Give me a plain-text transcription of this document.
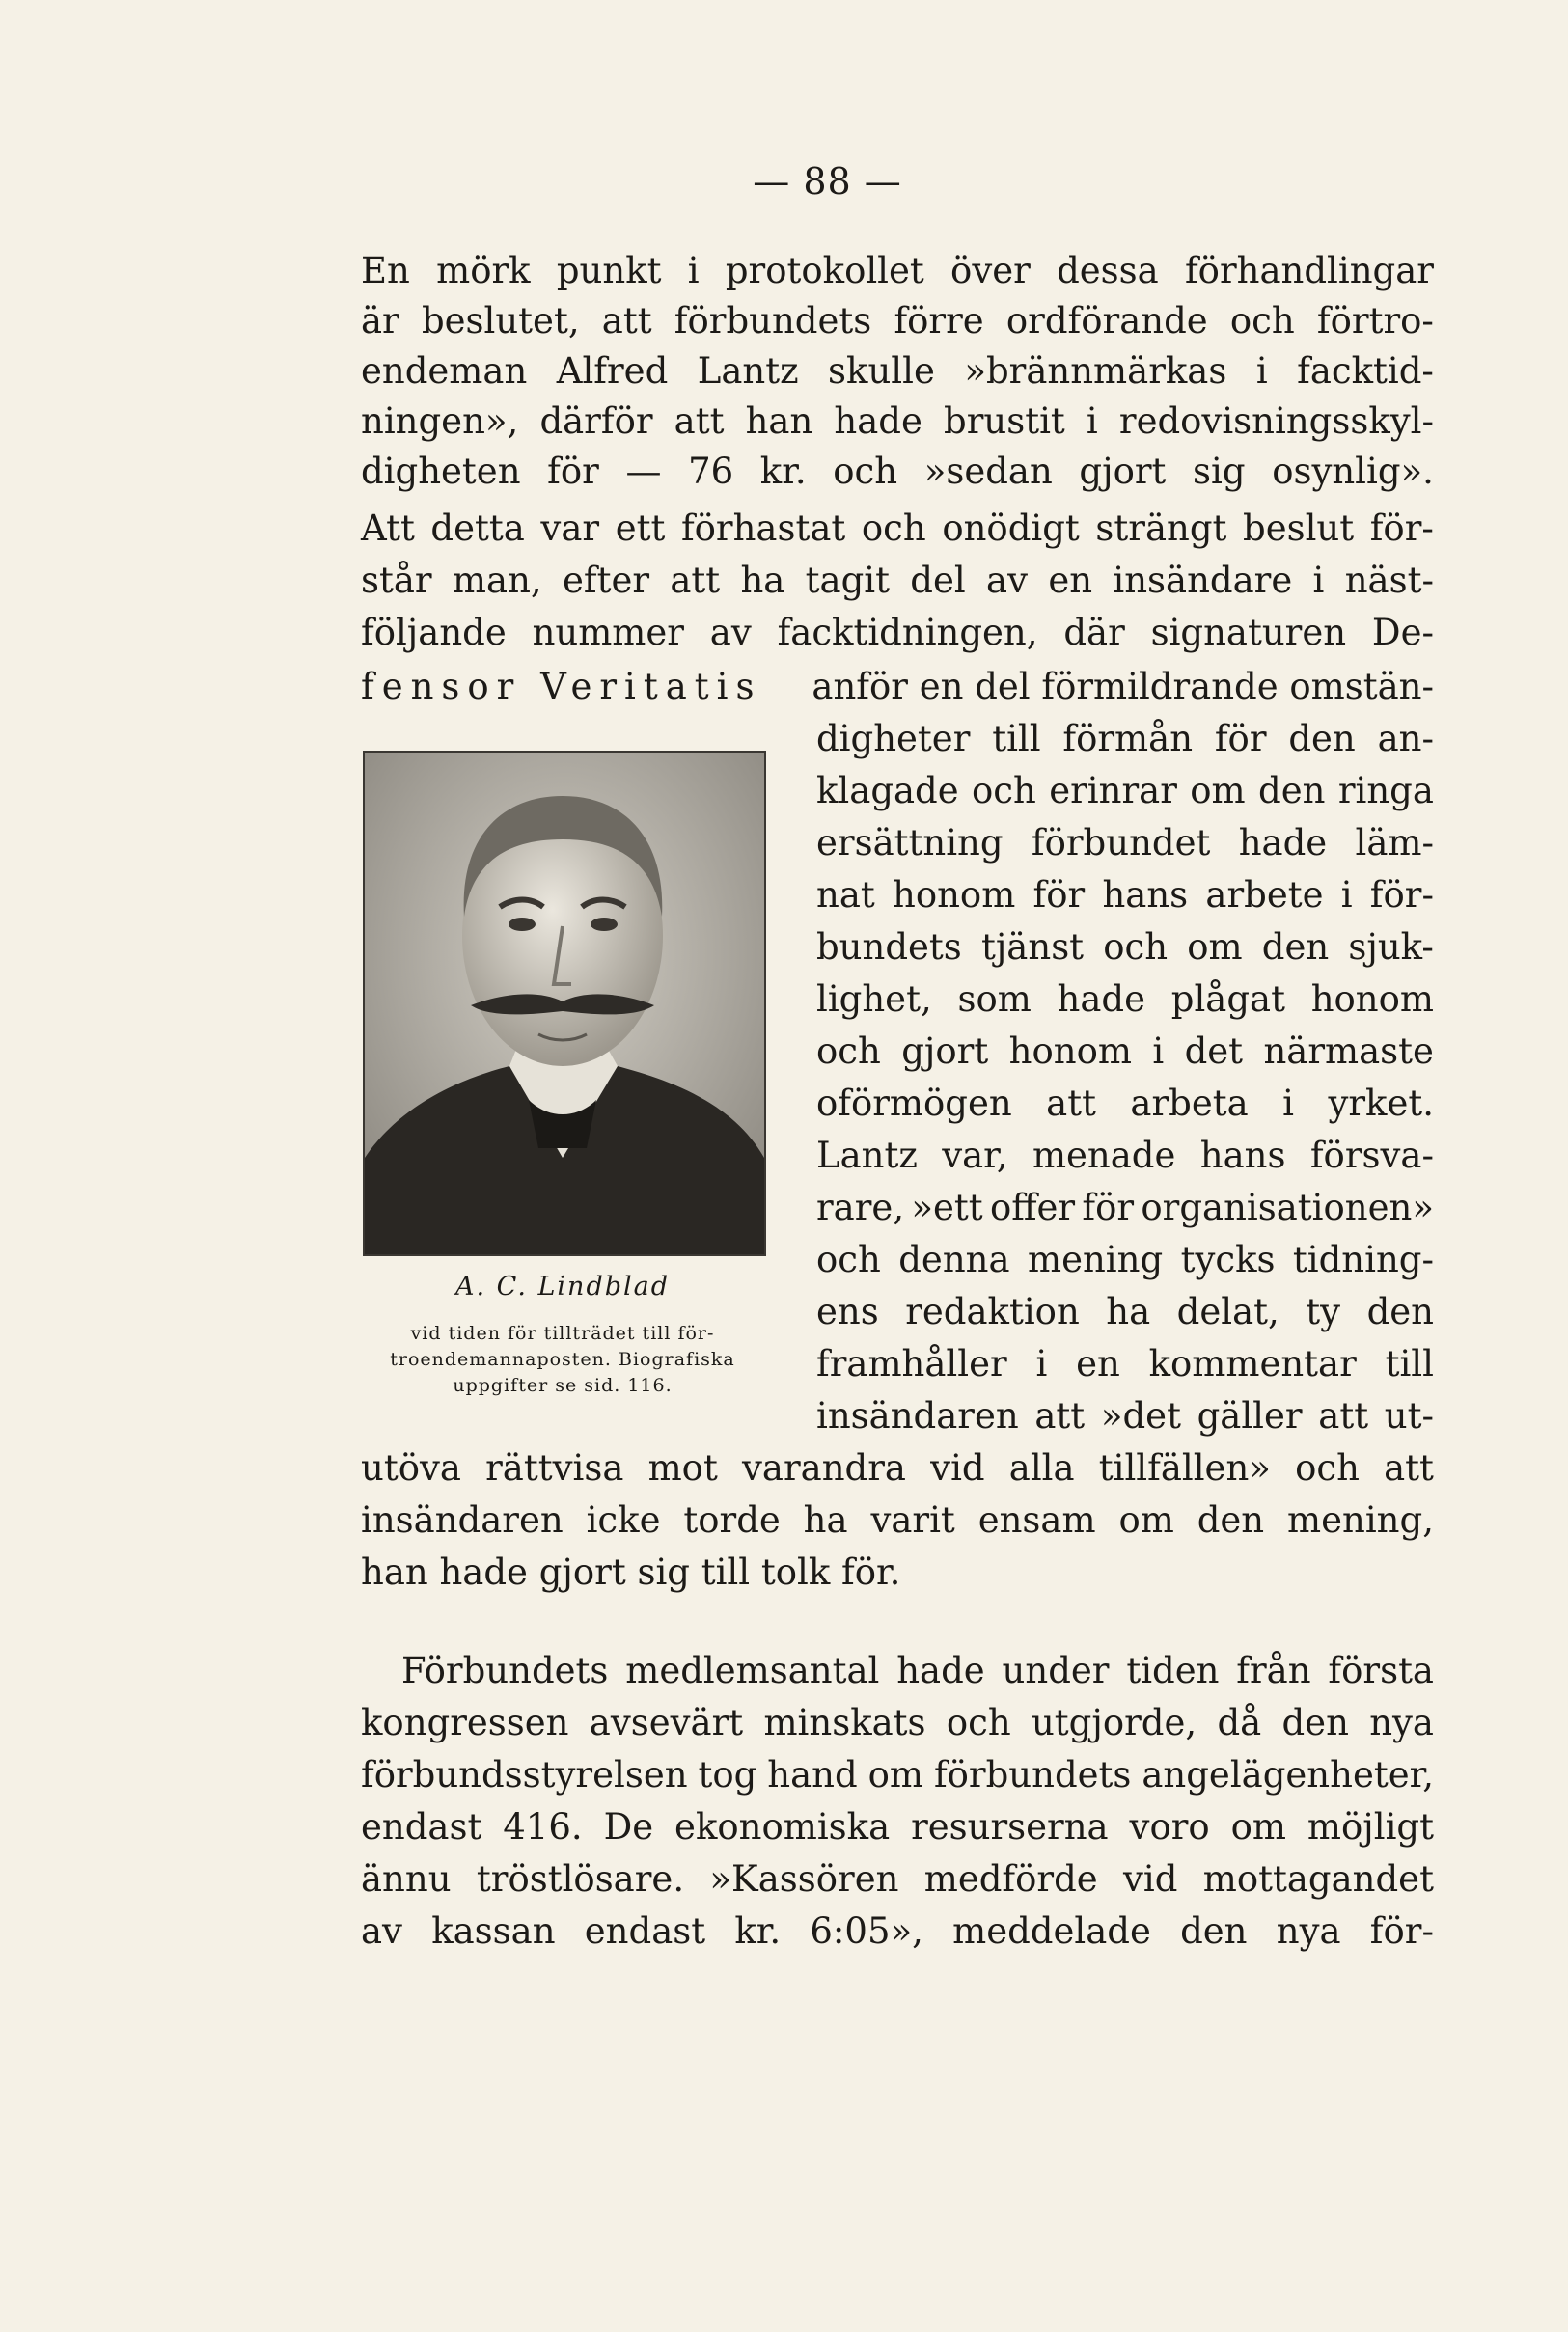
— 88 —
En mörk punkt i protokollet över dessa förhandlingar
är beslutet, att förbundets förre ordförande och förtro-
endeman Alfred Lantz skulle »brännmärkas i facktid-
ningen», därför att han hade brustit i redovisningsskyl-
digheten för — 76 kr. och »sedan gjort sig osynlig».
Att detta var ett förhastat och onödigt strängt beslut för-
står man, efter att ha tagit del av en insändare i näst-
följande nummer av facktidningen, där signaturen De-
fensor Veritatis anför en del förmildrande omstän-
digheter till förmån för den an-
klagade och erinrar om den ringa
ersättning förbundet hade läm-
nat honom för hans arbete i för-
bundets tjänst och om den sjuk-
lighet, som hade plågat honom
och gjort honom i det närmaste
oförmögen att arbeta i yrket.
Lantz var, menade hans försva-
rare, »ett offer för organisationen»
och denna mening tycks tidning-
ens redaktion ha delat, ty den
framhåller i en kommentar till
insändaren att »det gäller att ut-
utöva rättvisa mot varandra vid alla tillfällen» och att
insändaren icke torde ha varit ensam om den mening,
han hade gjort sig till tolk för.
A. C. Lindblad
vid tiden för tillträdet till för-
troendemannaposten. Biografiska
uppgifter se sid. 116.
Förbundets medlemsantal hade under tiden från första
kongressen avsevärt minskats och utgjorde, då den nya
förbundsstyrelsen tog hand om förbundets angelägenheter,
endast 416. De ekonomiska resurserna voro om möjligt
ännu tröstlösare. »Kassören medförde vid mottagandet
av kassan endast kr. 6:05», meddelade den nya för-
